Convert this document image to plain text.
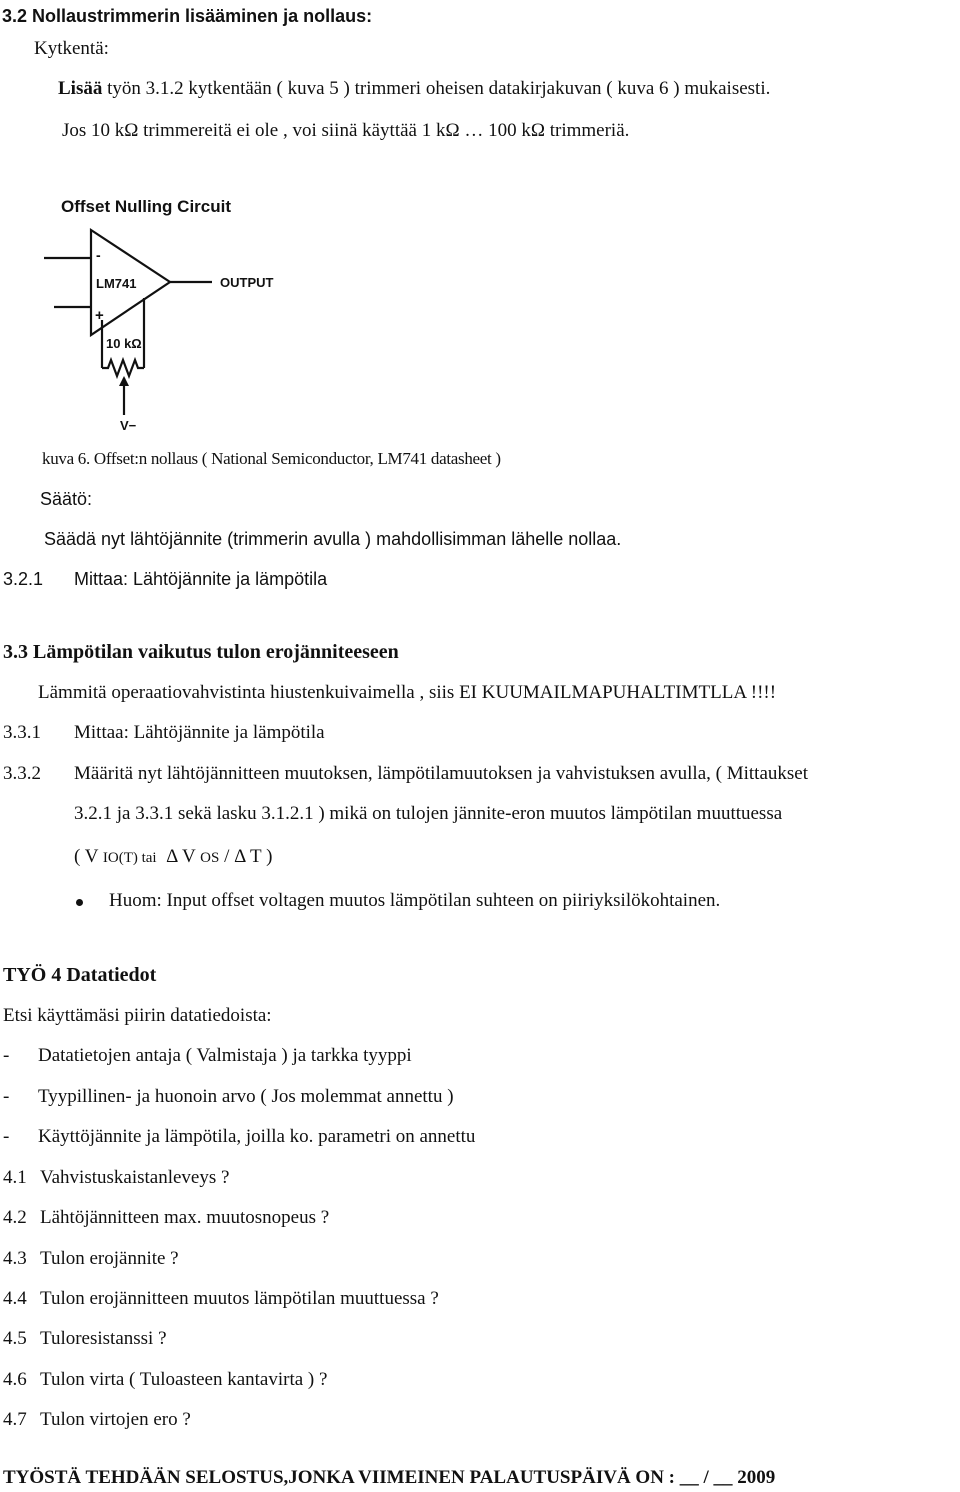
3.2 Nollaustrimmerin lisääminen ja nollaus:
Kytkentä:
Lisää työn 3.1.2 kytkentään ( kuva 5 ) trimmeri oheisen datakirjakuvan ( kuva 6 ) mukaisesti.
Jos 10 kΩ trimmereitä ei ole , voi siinä käyttää 1 kΩ … 100 kΩ trimmeriä.
Offset Nulling Circuit
-
LM741
+
OUTPUT
10 kΩ
V−
kuva 6. Offset:n nollaus ( National Semiconductor, LM741 datasheet )
Säätö:
Säädä nyt lähtöjännite (trimmerin avulla ) mahdollisimman lähelle nollaa.
3.2.1 Mittaa: Lähtöjännite ja lämpötila
3.3 Lämpötilan vaikutus tulon erojänniteeseen
Lämmitä operaatiovahvistinta hiustenkuivaimella , siis EI KUUMAILMAPUHALTIMTLLA !!!!
3.3.1 Mittaa: Lähtöjännite ja lämpötila
3.3.2 Määritä nyt lähtöjännitteen muutoksen, lämpötilamuutoksen ja vahvistuksen avulla, ( Mittaukset
3.2.1 ja 3.3.1 sekä lasku 3.1.2.1 ) mikä on tulojen jännite-eron muutos lämpötilan muuttuessa
( V IO(T) tai Δ V OS / Δ T )
Huom: Input offset voltagen muutos lämpötilan suhteen on piiriyksilökohtainen.
TYÖ 4 Datatiedot
Etsi käyttämäsi piirin datatiedoista:
- Datatietojen antaja ( Valmistaja ) ja tarkka tyyppi
- Tyypillinen- ja huonoin arvo ( Jos molemmat annettu )
- Käyttöjännite ja lämpötila, joilla ko. parametri on annettu
4.1 Vahvistuskaistanleveys ?
4.2 Lähtöjännitteen max. muutosnopeus ?
4.3 Tulon erojännite ?
4.4 Tulon erojännitteen muutos lämpötilan muuttuessa ?
4.5 Tuloresistanssi ?
4.6 Tulon virta ( Tuloasteen kantavirta ) ?
4.7 Tulon virtojen ero ?
TYÖSTÄ TEHDÄÄN SELOSTUS,JONKA VIIMEINEN PALAUTUSPÄIVÄ ON : __ / __ 2009
